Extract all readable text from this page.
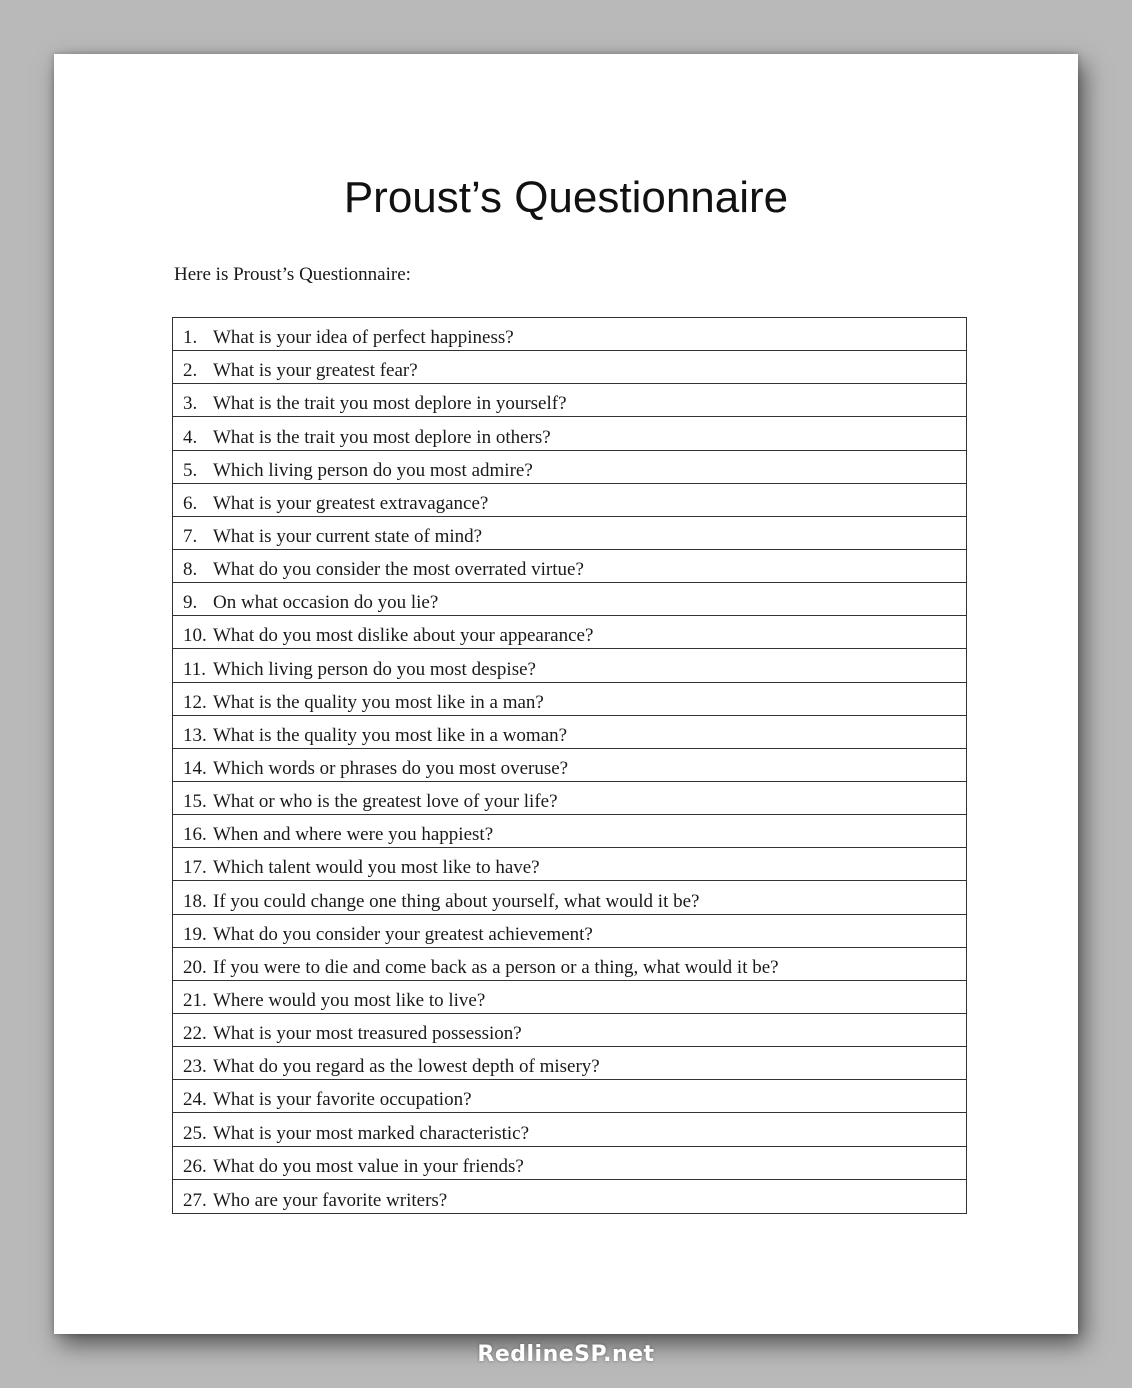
Proust’s Questionnaire
Here is Proust’s Questionnaire:
1. What is your idea of perfect happiness?
2. What is your greatest fear?
3. What is the trait you most deplore in yourself?
4. What is the trait you most deplore in others?
5. Which living person do you most admire?
6. What is your greatest extravagance?
7. What is your current state of mind?
8. What do you consider the most overrated virtue?
9. On what occasion do you lie?
10. What do you most dislike about your appearance?
11. Which living person do you most despise?
12. What is the quality you most like in a man?
13. What is the quality you most like in a woman?
14. Which words or phrases do you most overuse?
15. What or who is the greatest love of your life?
16. When and where were you happiest?
17. Which talent would you most like to have?
18. If you could change one thing about yourself, what would it be?
19. What do you consider your greatest achievement?
20. If you were to die and come back as a person or a thing, what would it be?
21. Where would you most like to live?
22. What is your most treasured possession?
23. What do you regard as the lowest depth of misery?
24. What is your favorite occupation?
25. What is your most marked characteristic?
26. What do you most value in your friends?
27. Who are your favorite writers?
RedlineSP.net
